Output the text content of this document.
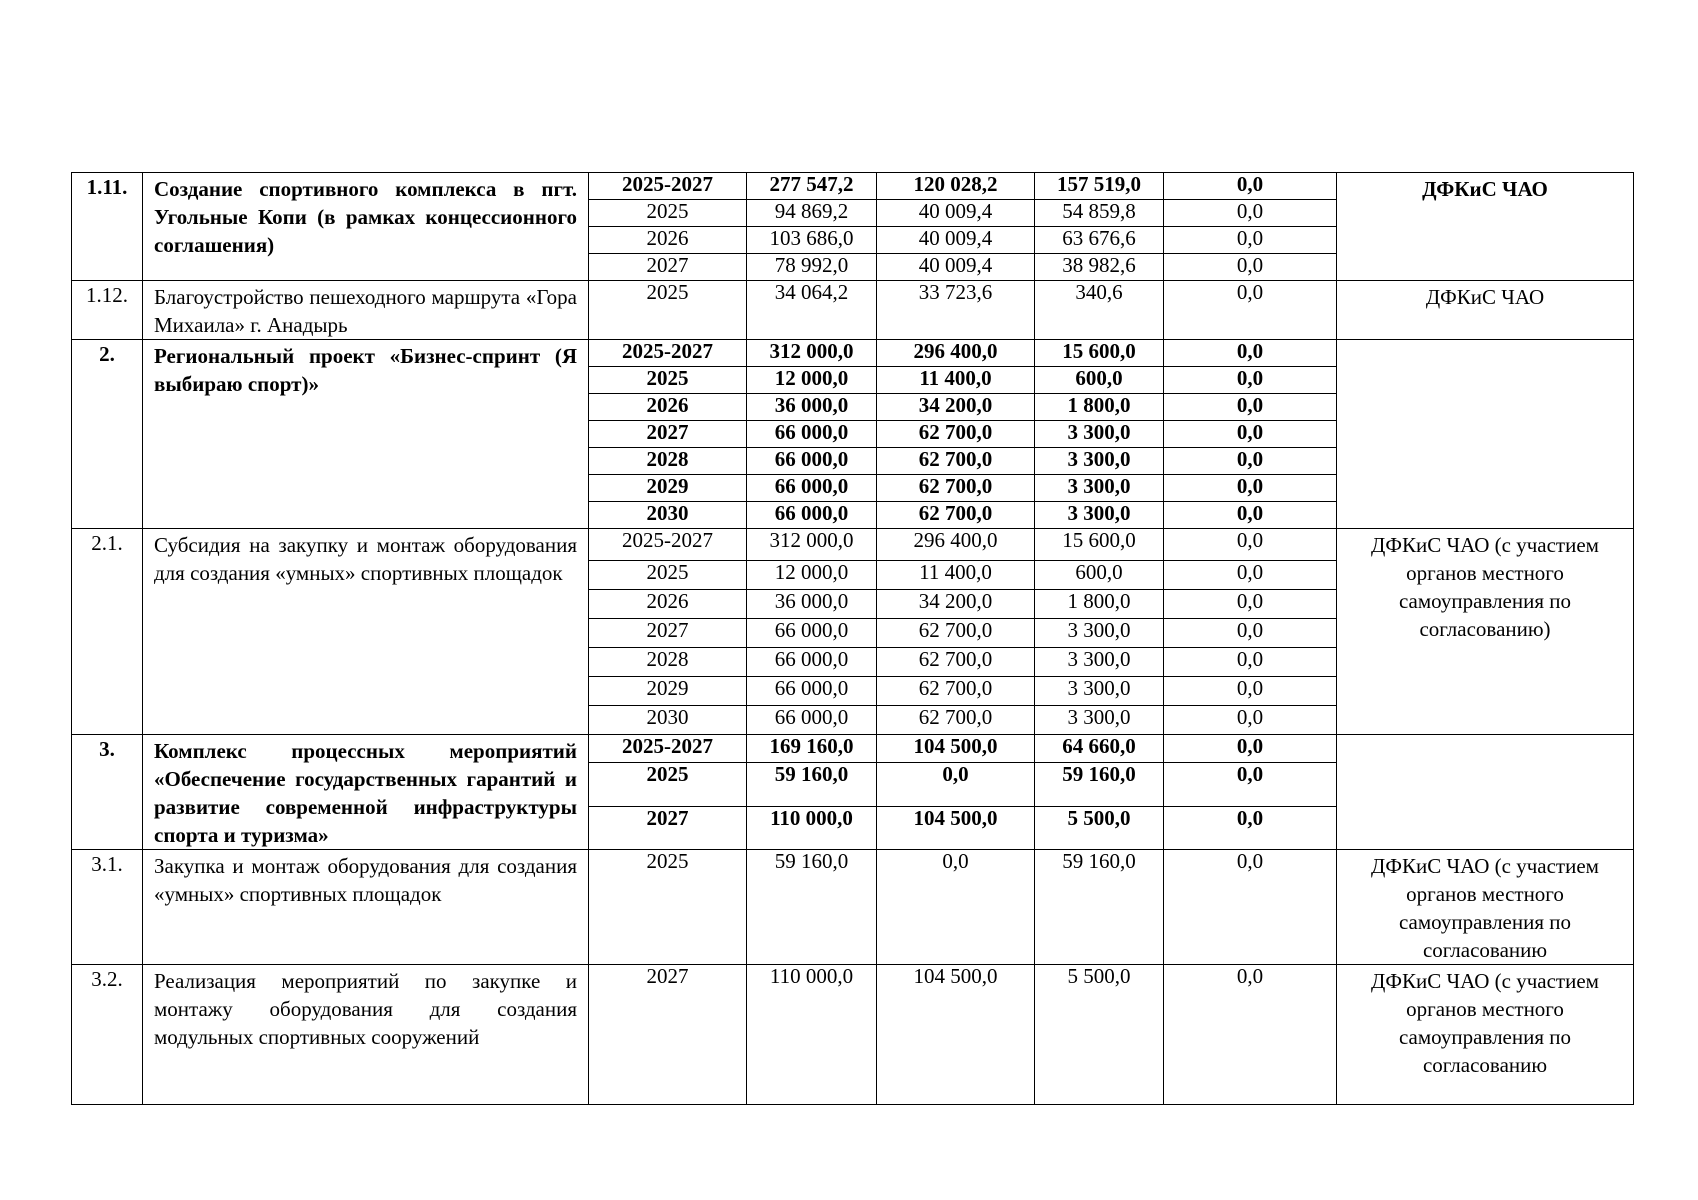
1.11.	Создание спортивного комплекса в пгт. Угольные Копи (в рамках концессионного соглашения)	2025-2027	277 547,2	120 028,2	157 519,0	0,0	ДФКиС ЧАО
		2025	94 869,2	40 009,4	54 859,8	0,0	
		2026	103 686,0	40 009,4	63 676,6	0,0	
		2027	78 992,0	40 009,4	38 982,6	0,0	
1.12.	Благоустройство пешеходного маршрута «Гора Михаила» г. Анадырь	2025	34 064,2	33 723,6	340,6	0,0	ДФКиС ЧАО
2.	Региональный проект «Бизнес-спринт (Я выбираю спорт)»	2025-2027	312 000,0	296 400,0	15 600,0	0,0	
		2025	12 000,0	11 400,0	600,0	0,0	
		2026	36 000,0	34 200,0	1 800,0	0,0	
		2027	66 000,0	62 700,0	3 300,0	0,0	
		2028	66 000,0	62 700,0	3 300,0	0,0	
		2029	66 000,0	62 700,0	3 300,0	0,0	
		2030	66 000,0	62 700,0	3 300,0	0,0	
2.1.	Субсидия на закупку и монтаж оборудования для создания «умных» спортивных площадок	2025-2027	312 000,0	296 400,0	15 600,0	0,0	ДФКиС ЧАО (с участием органов местного самоуправления по согласованию)
		2025	12 000,0	11 400,0	600,0	0,0	
		2026	36 000,0	34 200,0	1 800,0	0,0	
		2027	66 000,0	62 700,0	3 300,0	0,0	
		2028	66 000,0	62 700,0	3 300,0	0,0	
		2029	66 000,0	62 700,0	3 300,0	0,0	
		2030	66 000,0	62 700,0	3 300,0	0,0	
3.	Комплекс процессных мероприятий «Обеспечение государственных гарантий и развитие современной инфраструктуры спорта и туризма»	2025-2027	169 160,0	104 500,0	64 660,0	0,0	
		2025	59 160,0	0,0	59 160,0	0,0	
		2027	110 000,0	104 500,0	5 500,0	0,0	
3.1.	Закупка и монтаж оборудования для создания «умных» спортивных площадок	2025	59 160,0	0,0	59 160,0	0,0	ДФКиС ЧАО (с участием органов местного самоуправления по согласованию
3.2.	Реализация мероприятий по закупке и монтажу оборудования для создания модульных спортивных сооружений	2027	110 000,0	104 500,0	5 500,0	0,0	ДФКиС ЧАО (с участием органов местного самоуправления по согласованию
